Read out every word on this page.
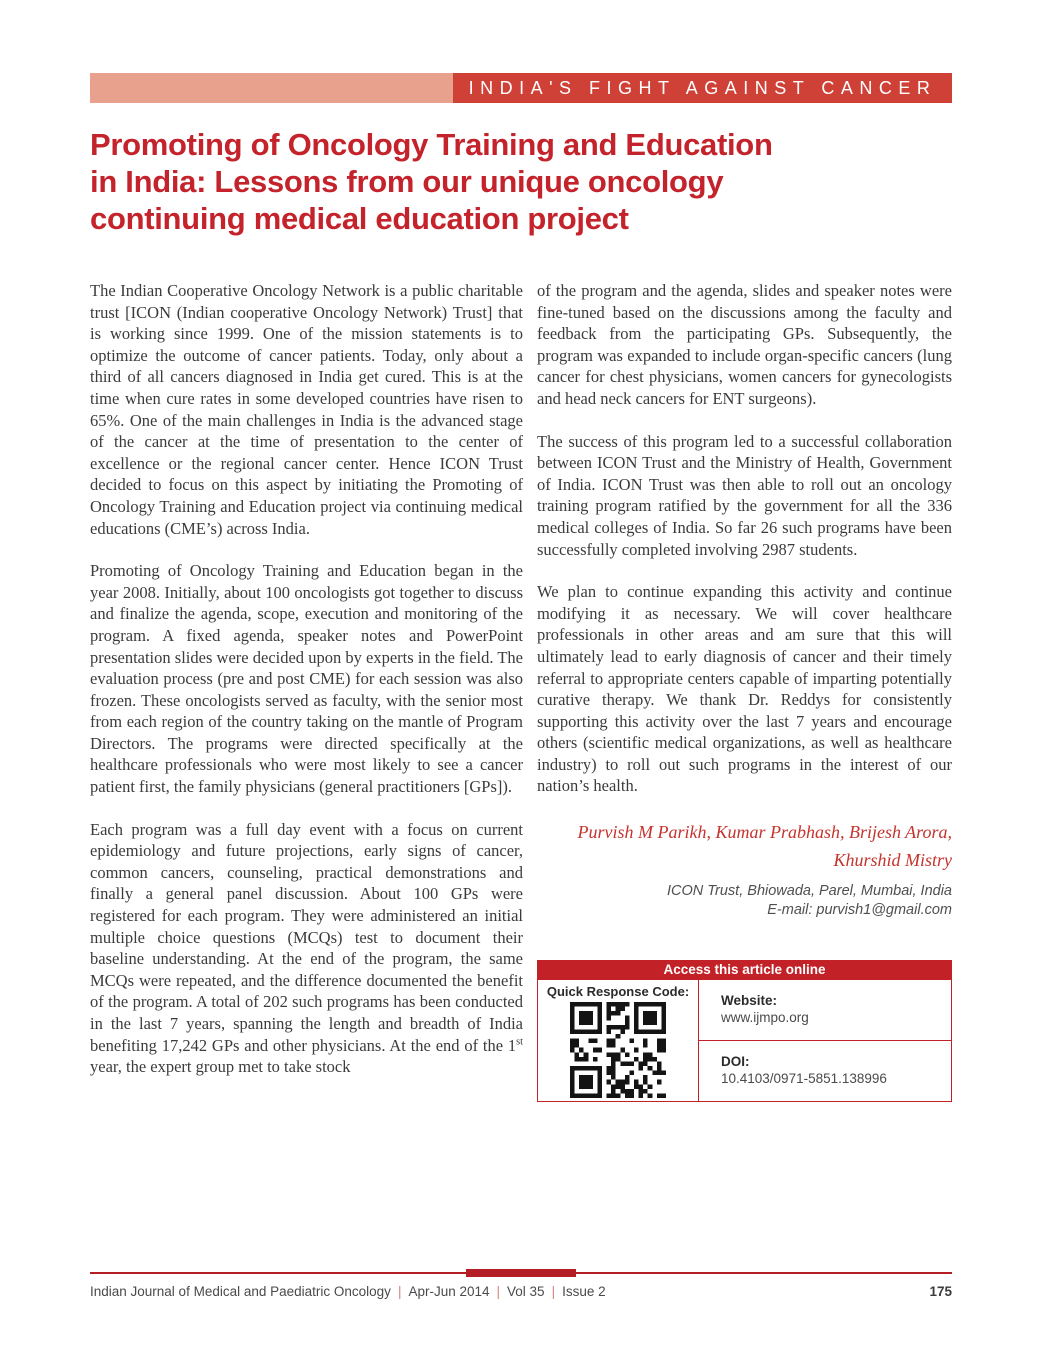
INDIA'S FIGHT AGAINST CANCER
Promoting of Oncology Training and Education
in India: Lessons from our unique oncology
continuing medical education project

The Indian Cooperative Oncology Network is a public charitable trust [ICON (Indian cooperative Oncology Network) Trust] that is working since 1999. One of the mission statements is to optimize the outcome of cancer patients. Today, only about a third of all cancers diagnosed in India get cured. This is at the time when cure rates in some developed countries have risen to 65%. One of the main challenges in India is the advanced stage of the cancer at the time of presentation to the center of excellence or the regional cancer center. Hence ICON Trust decided to focus on this aspect by initiating the Promoting of Oncology Training and Education project via continuing medical educations (CME’s) across India.

Promoting of Oncology Training and Education began in the year 2008. Initially, about 100 oncologists got together to discuss and finalize the agenda, scope, execution and monitoring of the program. A fixed agenda, speaker notes and PowerPoint presentation slides were decided upon by experts in the field. The evaluation process (pre and post CME) for each session was also frozen. These oncologists served as faculty, with the senior most from each region of the country taking on the mantle of Program Directors. The programs were directed specifically at the healthcare professionals who were most likely to see a cancer patient first, the family physicians (general practitioners [GPs]).

Each program was a full day event with a focus on current epidemiology and future projections, early signs of cancer, common cancers, counseling, practical demonstrations and finally a general panel discussion. About 100 GPs were registered for each program. They were administered an initial multiple choice questions (MCQs) test to document their baseline understanding. At the end of the program, the same MCQs were repeated, and the difference documented the benefit of the program. A total of 202 such programs has been conducted in the last 7 years, spanning the length and breadth of India benefiting 17,242 GPs and other physicians. At the end of the 1st year, the expert group met to take stock

of the program and the agenda, slides and speaker notes were fine-tuned based on the discussions among the faculty and feedback from the participating GPs. Subsequently, the program was expanded to include organ-specific cancers (lung cancer for chest physicians, women cancers for gynecologists and head neck cancers for ENT surgeons).

The success of this program led to a successful collaboration between ICON Trust and the Ministry of Health, Government of India. ICON Trust was then able to roll out an oncology training program ratified by the government for all the 336 medical colleges of India. So far 26 such programs have been successfully completed involving 2987 students.

We plan to continue expanding this activity and continue modifying it as necessary. We will cover healthcare professionals in other areas and am sure that this will ultimately lead to early diagnosis of cancer and their timely referral to appropriate centers capable of imparting potentially curative therapy. We thank Dr. Reddys for consistently supporting this activity over the last 7 years and encourage others (scientific medical organizations, as well as healthcare industry) to roll out such programs in the interest of our nation’s health.

Purvish M Parikh, Kumar Prabhash, Brijesh Arora,
Khurshid Mistry
ICON Trust, Bhiowada, Parel, Mumbai, India
E-mail: purvish1@gmail.com
Access this article online
Quick Response Code:
Website:
www.ijmpo.org
DOI:
10.4103/0971-5851.138996
Indian Journal of Medical and Paediatric Oncology | Apr-Jun 2014 | Vol 35 | Issue 2	175
